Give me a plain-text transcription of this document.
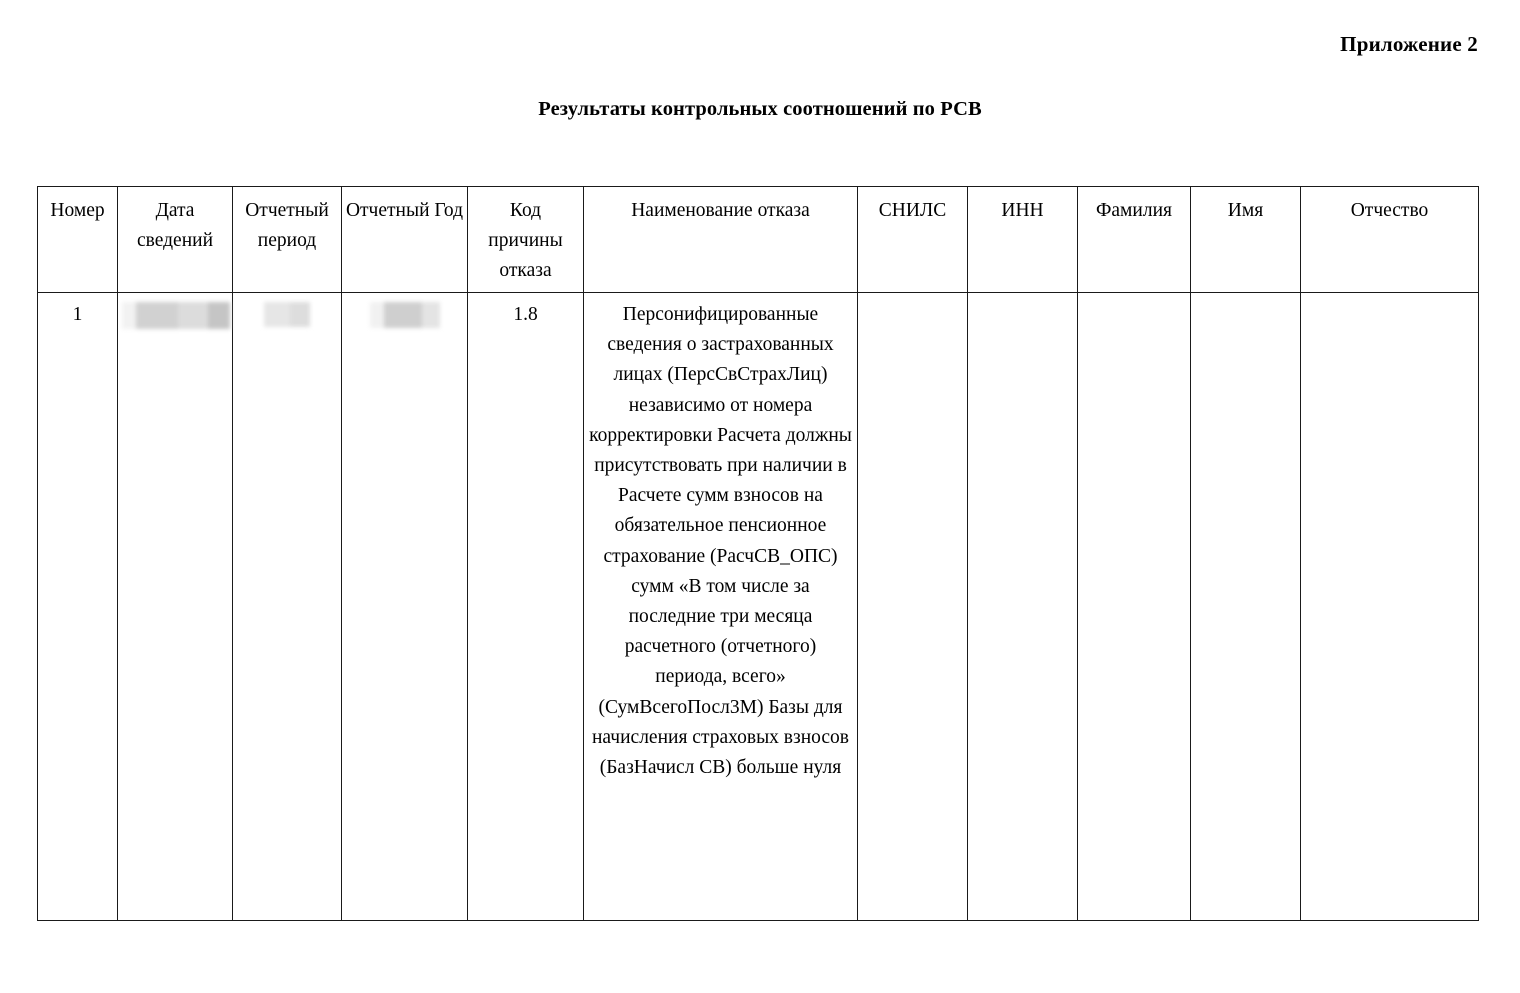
Приложение 2
Результаты контрольных соотношений по РСВ
Номер	Дата сведений	Отчетный период	Отчетный Год	Код причины отказа	Наименование отказа	СНИЛС	ИНН	Фамилия	Имя	Отчество

1				1.8	Персонифицированные сведения о застрахованных лицах (ПерсСвСтрахЛиц) независимо от номера корректировки Расчета должны присутствовать при наличии в Расчете сумм взносов на обязательное пенсионное страхование (РасчСВ_ОПС) сумм «В том числе за последние три месяца расчетного (отчетного) периода, всего» (СумВсегоПосл3М) Базы для начисления страховых взносов (БазНачисл СВ) больше нуля					
